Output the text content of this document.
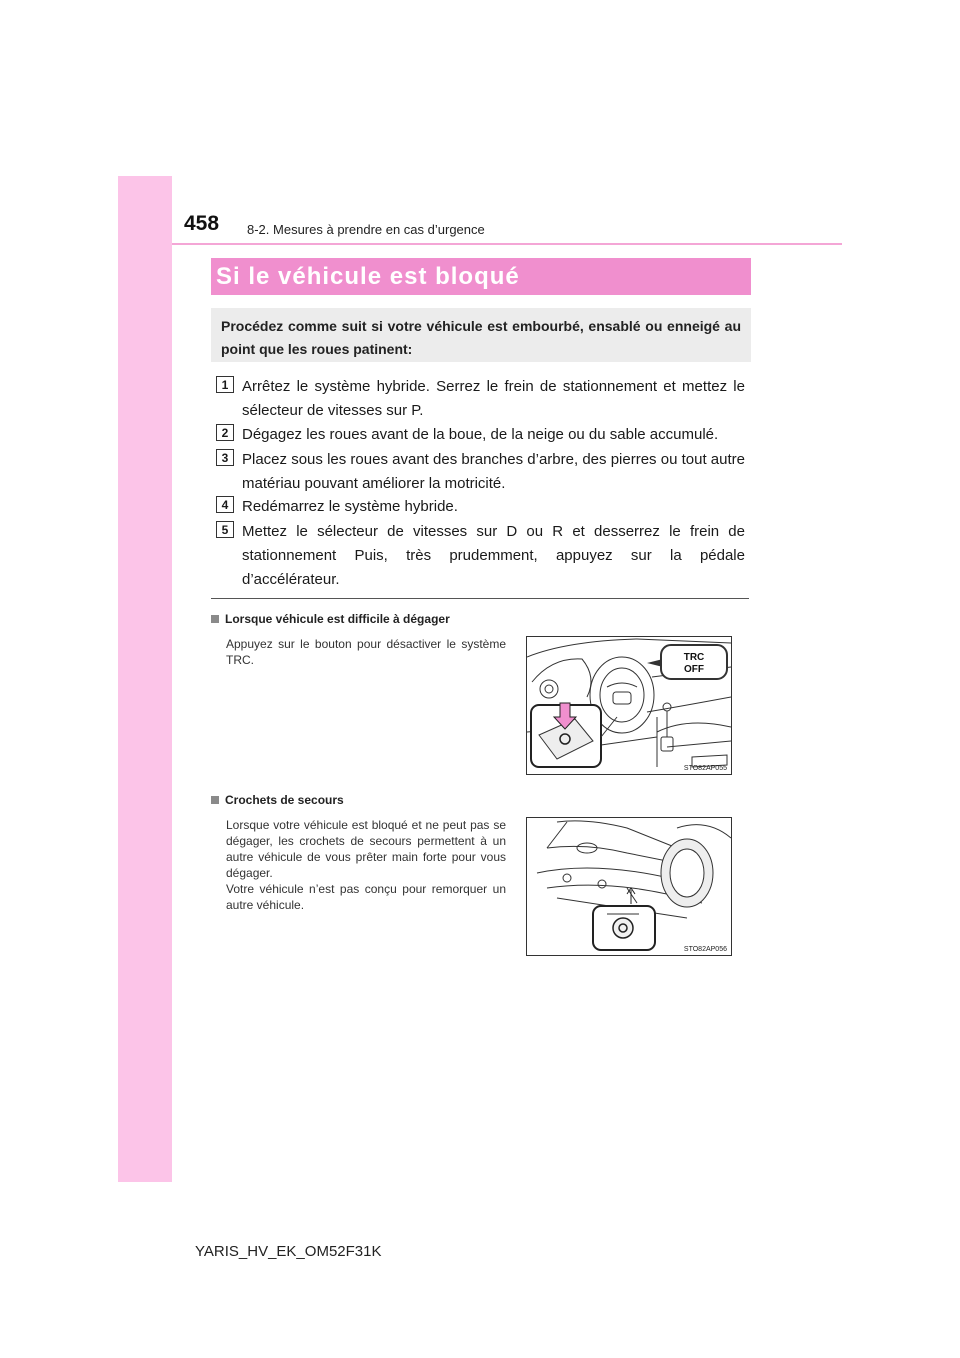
458 8-2. Mesures à prendre en cas d’urgence
Si le véhicule est bloqué
Procédez comme suit si votre véhicule est embourbé, ensablé ou enneigé au point que les roues patinent:
1 Arrêtez le système hybride. Serrez le frein de stationnement et mettez le sélecteur de vitesses sur P.
2 Dégagez les roues avant de la boue, de la neige ou du sable accumulé.
3 Placez sous les roues avant des branches d’arbre, des pierres ou tout autre matériau pouvant améliorer la motricité.
4 Redémarrez le système hybride.
5 Mettez le sélecteur de vitesses sur D ou R et desserrez le frein de stationnement Puis, très prudemment, appuyez sur la pédale d’accélérateur.
Lorsque véhicule est difficile à dégager
Appuyez sur le bouton pour désactiver le système TRC.	TRC
OFF
STO82AP055
Crochets de secours
Lorsque votre véhicule est bloqué et ne peut pas se dégager, les crochets de secours permettent à un autre véhicule de vous prêter main forte pour vous dégager.
Votre véhicule n’est pas conçu pour remorquer un autre véhicule.
STO82AP056
YARIS_HV_EK_OM52F31K
